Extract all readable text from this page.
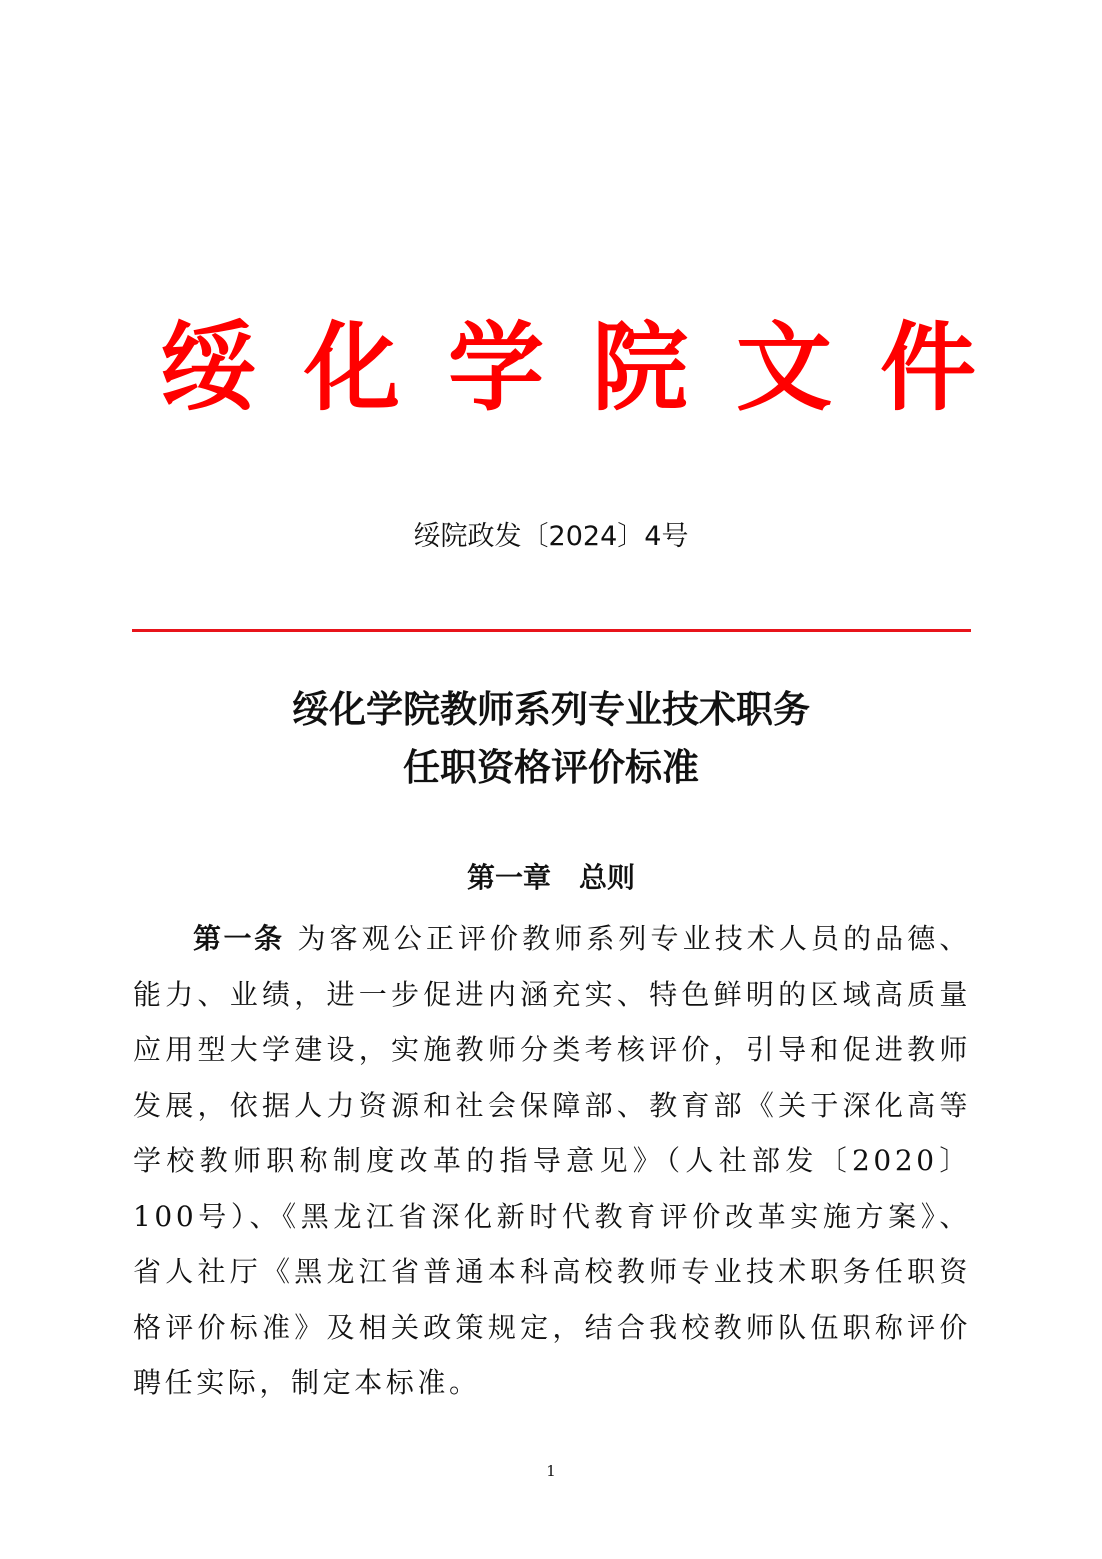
绥化学院文件
绥院政发〔2024〕4号
绥化学院教师系列专业技术职务
任职资格评价标准
第一章　总则

第一条 为客观公正评价教师系列专业技术人员的品德、能力、业绩，进一步促进内涵充实、特色鲜明的区域高质量应用型大学建设，实施教师分类考核评价，引导和促进教师发展，依据人力资源和社会保障部、教育部《关于深化高等学校教师职称制度改革的指导意见》（人社部发〔2020〕100号）、《黑龙江省深化新时代教育评价改革实施方案》、省人社厅《黑龙江省普通本科高校教师专业技术职务任职资格评价标准》及相关政策规定，结合我校教师队伍职称评价聘任实际，制定本标准。

1
